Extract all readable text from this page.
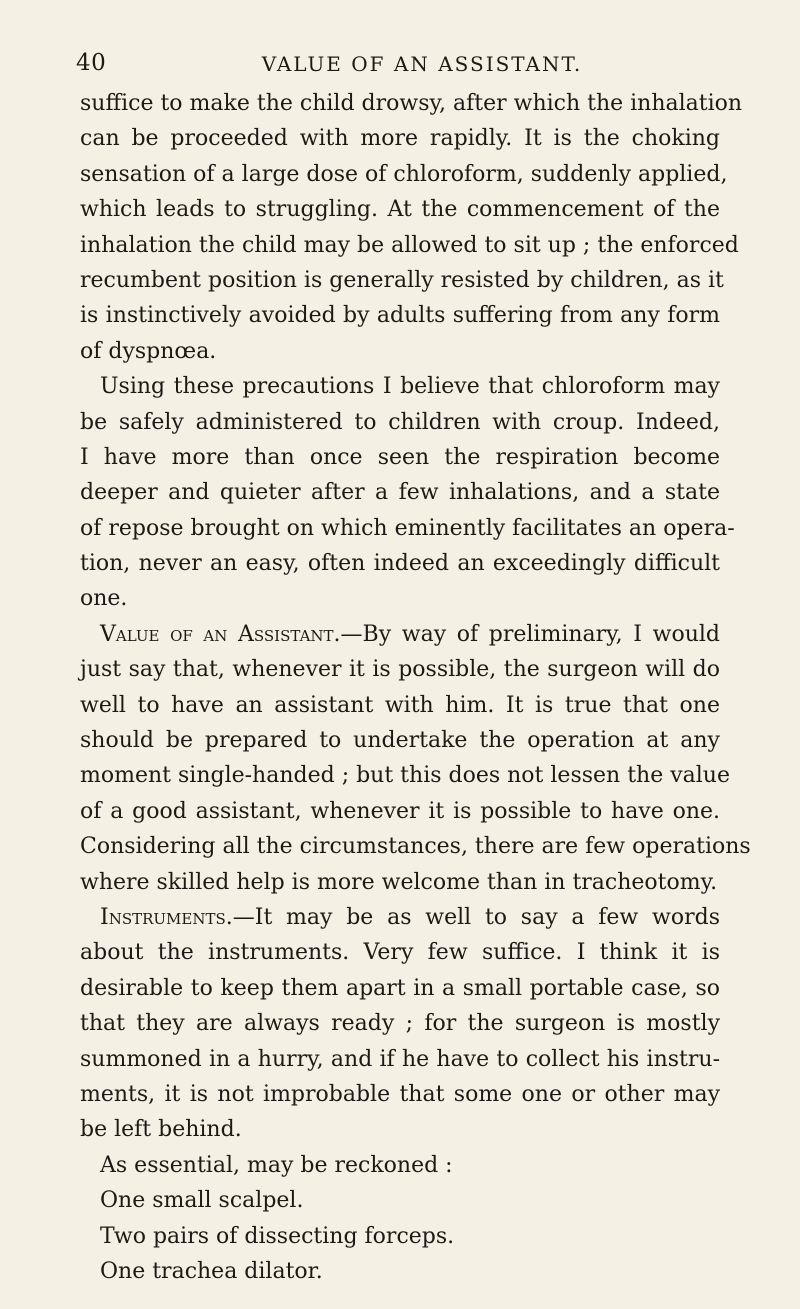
40	VALUE OF AN ASSISTANT.
suffice to make the child drowsy, after which the inhalation
can be proceeded with more rapidly. It is the choking
sensation of a large dose of chloroform, suddenly applied,
which leads to struggling. At the commencement of the
inhalation the child may be allowed to sit up ; the enforced
recumbent position is generally resisted by children, as it
is instinctively avoided by adults suffering from any form
of dyspnœa.
Using these precautions I believe that chloroform may
be safely administered to children with croup. Indeed,
I have more than once seen the respiration become
deeper and quieter after a few inhalations, and a state
of repose brought on which eminently facilitates an opera-
tion, never an easy, often indeed an exceedingly difficult
one.
Value of an Assistant.—By way of preliminary, I would
just say that, whenever it is possible, the surgeon will do
well to have an assistant with him. It is true that one
should be prepared to undertake the operation at any
moment single-handed ; but this does not lessen the value
of a good assistant, whenever it is possible to have one.
Considering all the circumstances, there are few operations
where skilled help is more welcome than in tracheotomy.
Instruments.—It may be as well to say a few words
about the instruments. Very few suffice. I think it is
desirable to keep them apart in a small portable case, so
that they are always ready ; for the surgeon is mostly
summoned in a hurry, and if he have to collect his instru-
ments, it is not improbable that some one or other may
be left behind.
As essential, may be reckoned :
One small scalpel.
Two pairs of dissecting forceps.
One trachea dilator.
